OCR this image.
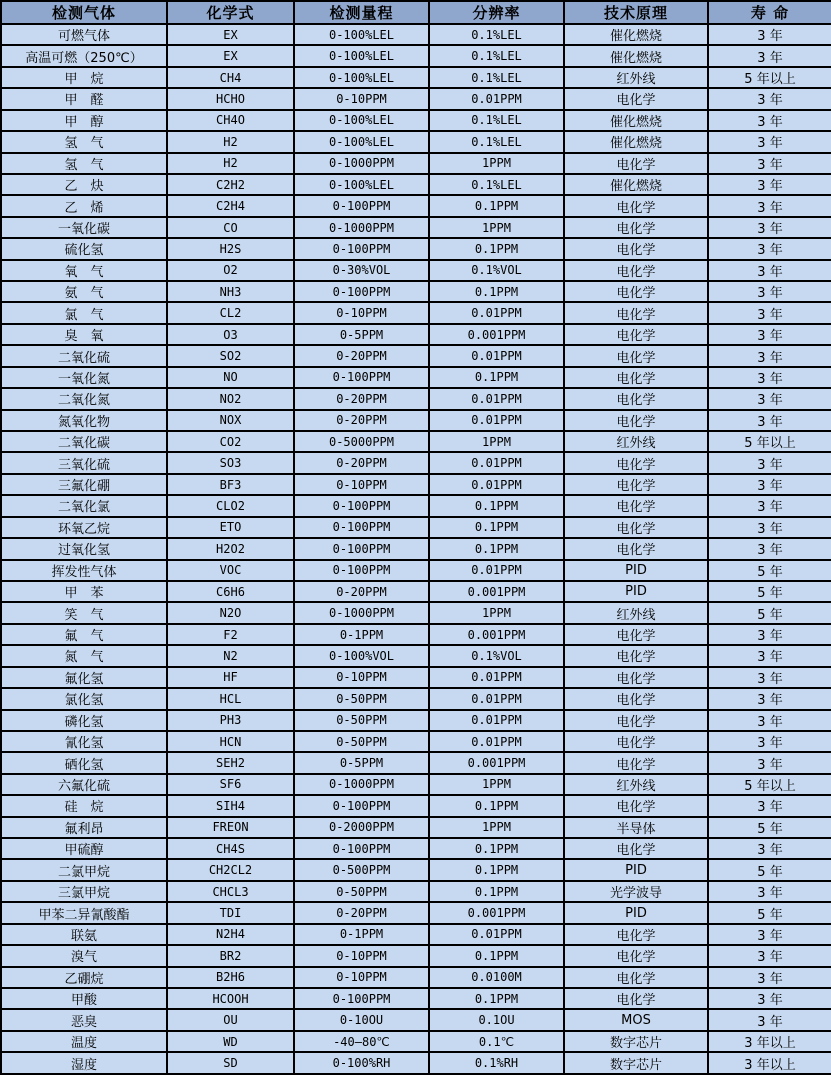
检测气体	化学式	检测量程	分辨率	技术原理	寿 命
可燃气体	EX	0-100%LEL	0.1%LEL	催化燃烧	3 年
高温可燃（250℃）	EX	0-100%LEL	0.1%LEL	催化燃烧	3 年
甲　烷	CH4	0-100%LEL	0.1%LEL	红外线	5 年以上
甲　醛	HCHO	0-10PPM	0.01PPM	电化学	3 年
甲　醇	CH4O	0-100%LEL	0.1%LEL	催化燃烧	3 年
氢　气	H2	0-100%LEL	0.1%LEL	催化燃烧	3 年
氢　气	H2	0-1000PPM	1PPM	电化学	3 年
乙　炔	C2H2	0-100%LEL	0.1%LEL	催化燃烧	3 年
乙　烯	C2H4	0-100PPM	0.1PPM	电化学	3 年
一氧化碳	CO	0-1000PPM	1PPM	电化学	3 年
硫化氢	H2S	0-100PPM	0.1PPM	电化学	3 年
氧　气	O2	0-30%VOL	0.1%VOL	电化学	3 年
氨　气	NH3	0-100PPM	0.1PPM	电化学	3 年
氯　气	CL2	0-10PPM	0.01PPM	电化学	3 年
臭　氧	O3	0-5PPM	0.001PPM	电化学	3 年
二氧化硫	SO2	0-20PPM	0.01PPM	电化学	3 年
一氧化氮	NO	0-100PPM	0.1PPM	电化学	3 年
二氧化氮	NO2	0-20PPM	0.01PPM	电化学	3 年
氮氧化物	NOX	0-20PPM	0.01PPM	电化学	3 年
二氧化碳	CO2	0-5000PPM	1PPM	红外线	5 年以上
三氧化硫	SO3	0-20PPM	0.01PPM	电化学	3 年
三氟化硼	BF3	0-10PPM	0.01PPM	电化学	3 年
二氧化氯	CLO2	0-100PPM	0.1PPM	电化学	3 年
环氧乙烷	ETO	0-100PPM	0.1PPM	电化学	3 年
过氧化氢	H2O2	0-100PPM	0.1PPM	电化学	3 年
挥发性气体	VOC	0-100PPM	0.01PPM	PID	5 年
甲　苯	C6H6	0-20PPM	0.001PPM	PID	5 年
笑　气	N2O	0-1000PPM	1PPM	红外线	5 年
氟　气	F2	0-1PPM	0.001PPM	电化学	3 年
氮　气	N2	0-100%VOL	0.1%VOL	电化学	3 年
氟化氢	HF	0-10PPM	0.01PPM	电化学	3 年
氯化氢	HCL	0-50PPM	0.01PPM	电化学	3 年
磷化氢	PH3	0-50PPM	0.01PPM	电化学	3 年
氰化氢	HCN	0-50PPM	0.01PPM	电化学	3 年
硒化氢	SEH2	0-5PPM	0.001PPM	电化学	3 年
六氟化硫	SF6	0-1000PPM	1PPM	红外线	5 年以上
硅　烷	SIH4	0-100PPM	0.1PPM	电化学	3 年
氟利昂	FREON	0-2000PPM	1PPM	半导体	5 年
甲硫醇	CH4S	0-100PPM	0.1PPM	电化学	3 年
二氯甲烷	CH2CL2	0-500PPM	0.1PPM	PID	5 年
三氯甲烷	CHCL3	0-50PPM	0.1PPM	光学波导	3 年
甲苯二异氰酸酯	TDI	0-20PPM	0.001PPM	PID	5 年
联氨	N2H4	0-1PPM	0.01PPM	电化学	3 年
溴气	BR2	0-10PPM	0.1PPM	电化学	3 年
乙硼烷	B2H6	0-10PPM	0.0100M	电化学	3 年
甲酸	HCOOH	0-100PPM	0.1PPM	电化学	3 年
恶臭	OU	0-10OU	0.1OU	MOS	3 年
温度	WD	-40—80℃	0.1℃	数字芯片	3 年以上
湿度	SD	0-100%RH	0.1%RH	数字芯片	3 年以上
